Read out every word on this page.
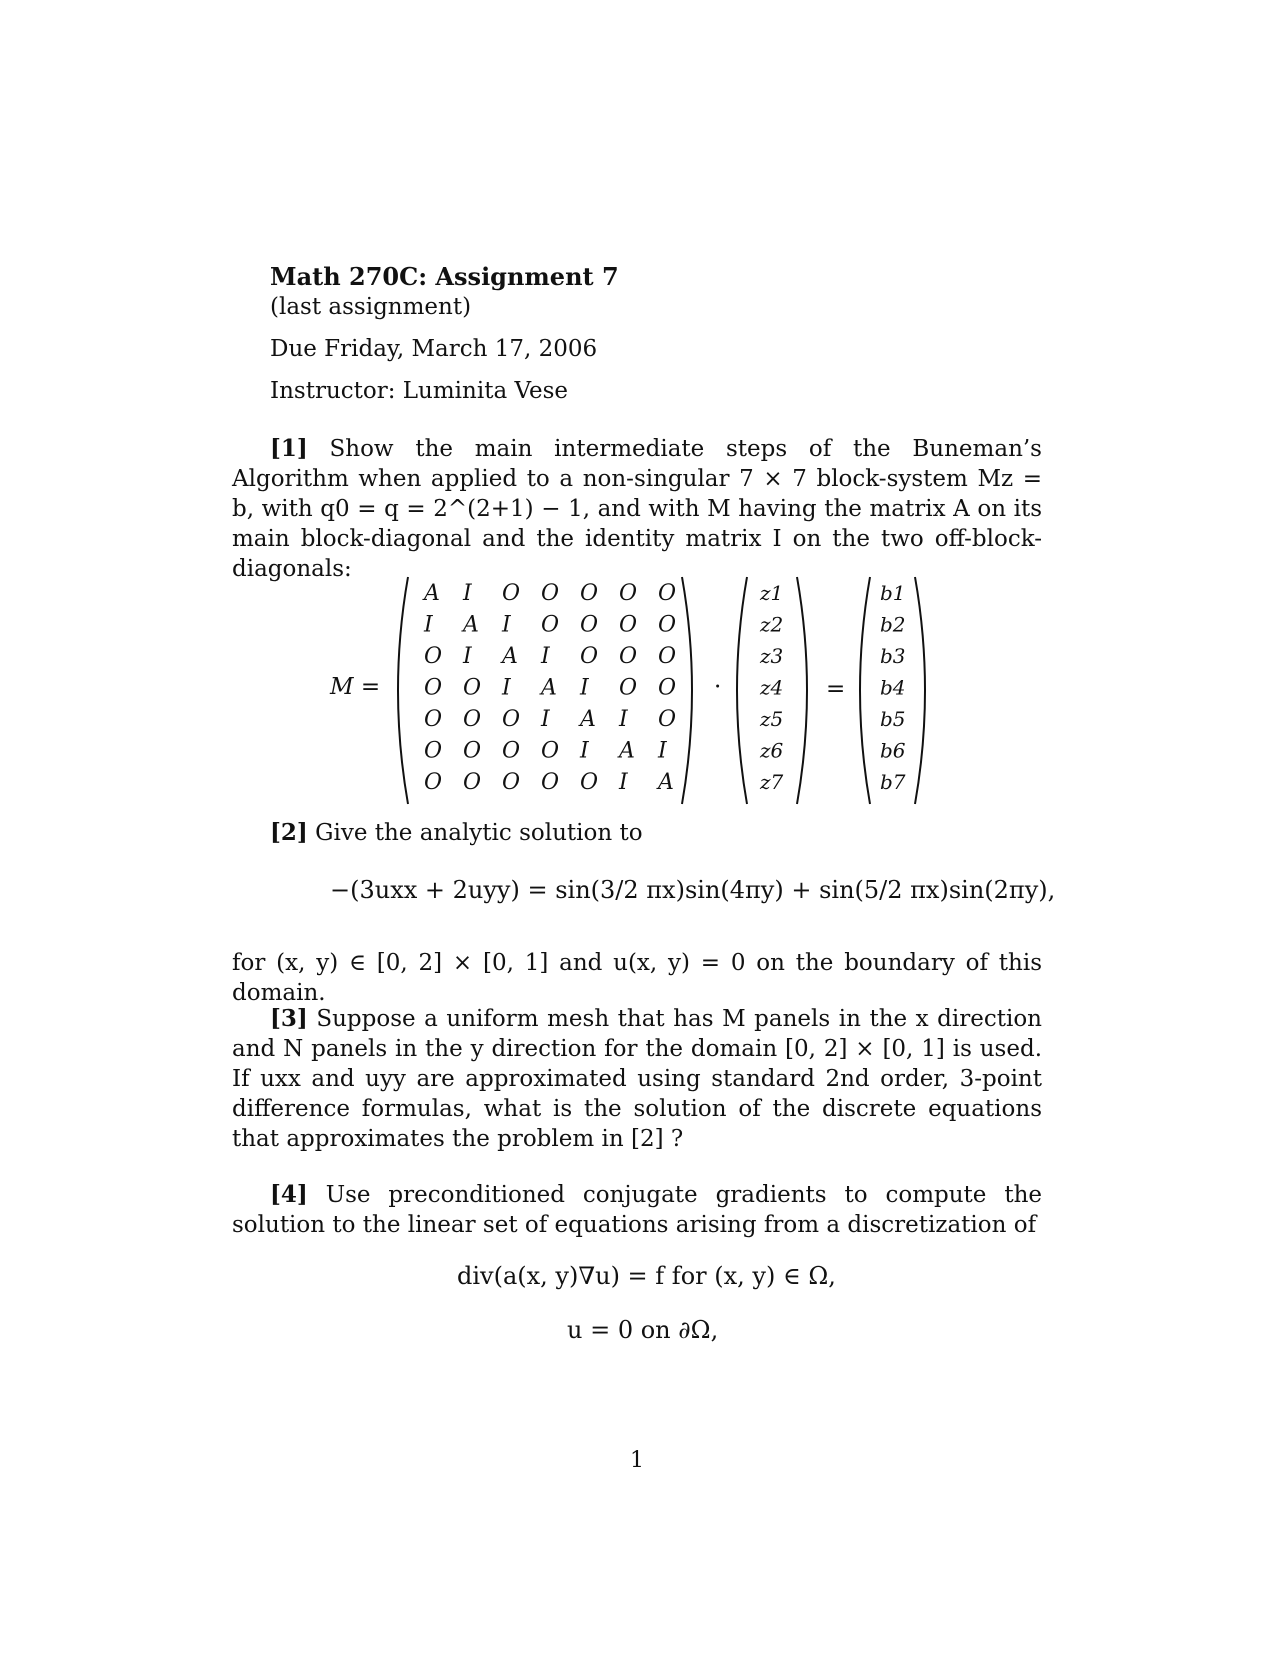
Math 270C: Assignment 7
(last assignment)
Due Friday, March 17, 2006
Instructor: Luminita Vese
[1] Show the main intermediate steps of the Buneman’s Algorithm when applied to a non-singular 7 × 7 block-system Mz = b, with q0 = q = 2^(2+1) − 1, and with M having the matrix A on its main block-diagonal and the identity matrix I on the two off-block-diagonals:
M =
A I O O O O O
I A I O O O O
O I A I O O O
O O I A I O O
O O O I A I O
O O O O I A I
O O O O O I A
·
z1
z2
z3
z4
z5
z6
z7
=
b1
b2
b3
b4
b5
b6
b7
[2] Give the analytic solution to
−(3uxx + 2uyy) = sin(3/2 πx)sin(4πy) + sin(5/2 πx)sin(2πy),
for (x, y) ∈ [0, 2] × [0, 1] and u(x, y) = 0 on the boundary of this domain.
[3] Suppose a uniform mesh that has M panels in the x direction and N panels in the y direction for the domain [0, 2] × [0, 1] is used. If uxx and uyy are approximated using standard 2nd order, 3-point difference formulas, what is the solution of the discrete equations that approximates the problem in [2] ?
[4] Use preconditioned conjugate gradients to compute the solution to the linear set of equations arising from a discretization of
div(a(x, y)∇u) = f for (x, y) ∈ Ω,
u = 0 on ∂Ω,
1
